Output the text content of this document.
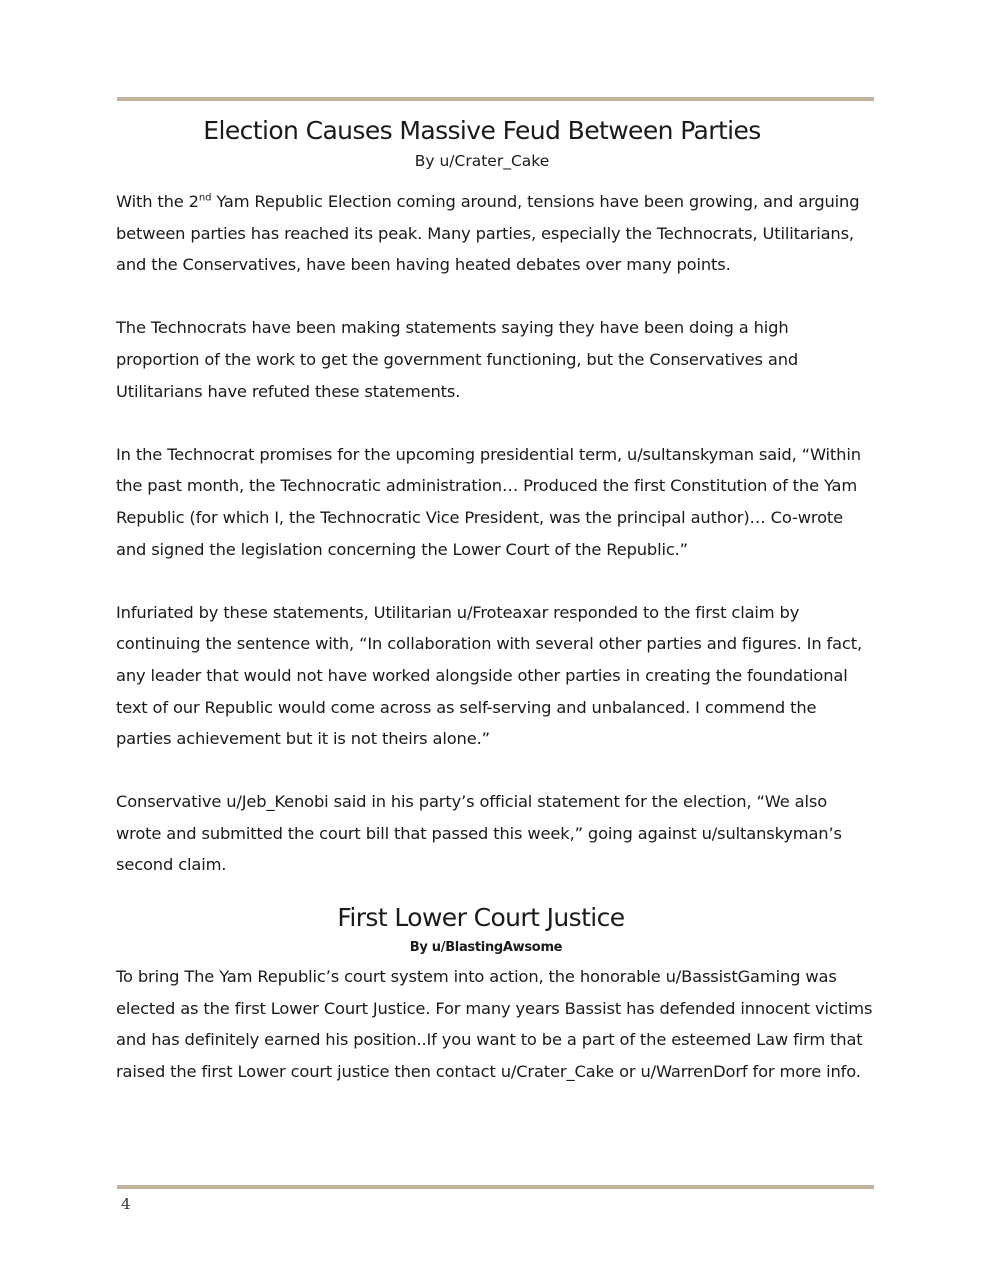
Election Causes Massive Feud Between Parties

By u/Crater_Cake

With the 2nd Yam Republic Election coming around, tensions have been growing, and arguing between parties has reached its peak. Many parties, especially the Technocrats, Utilitarians, and the Conservatives, have been having heated debates over many points.

The Technocrats have been making statements saying they have been doing a high proportion of the work to get the government functioning, but the Conservatives and Utilitarians have refuted these statements.

In the Technocrat promises for the upcoming presidential term, u/sultanskyman said, “Within the past month, the Technocratic administration… Produced the first Constitution of the Yam Republic (for which I, the Technocratic Vice President, was the principal author)… Co-wrote and signed the legislation concerning the Lower Court of the Republic.”

Infuriated by these statements, Utilitarian u/Froteaxar responded to the first claim by continuing the sentence with, “In collaboration with several other parties and figures. In fact, any leader that would not have worked alongside other parties in creating the foundational text of our Republic would come across as self-serving and unbalanced. I commend the parties achievement but it is not theirs alone.”

Conservative u/Jeb_Kenobi said in his party’s official statement for the election, “We also wrote and submitted the court bill that passed this week,” going against u/sultanskyman’s second claim.

First Lower Court Justice

By u/BlastingAwsome

To bring The Yam Republic’s court system into action, the honorable u/BassistGaming was elected as the first Lower Court Justice. For many years Bassist has defended innocent victims and has definitely earned his position..If you want to be a part of the esteemed Law firm that raised the first Lower court justice then contact u/Crater_Cake or u/WarrenDorf for more info.

4
